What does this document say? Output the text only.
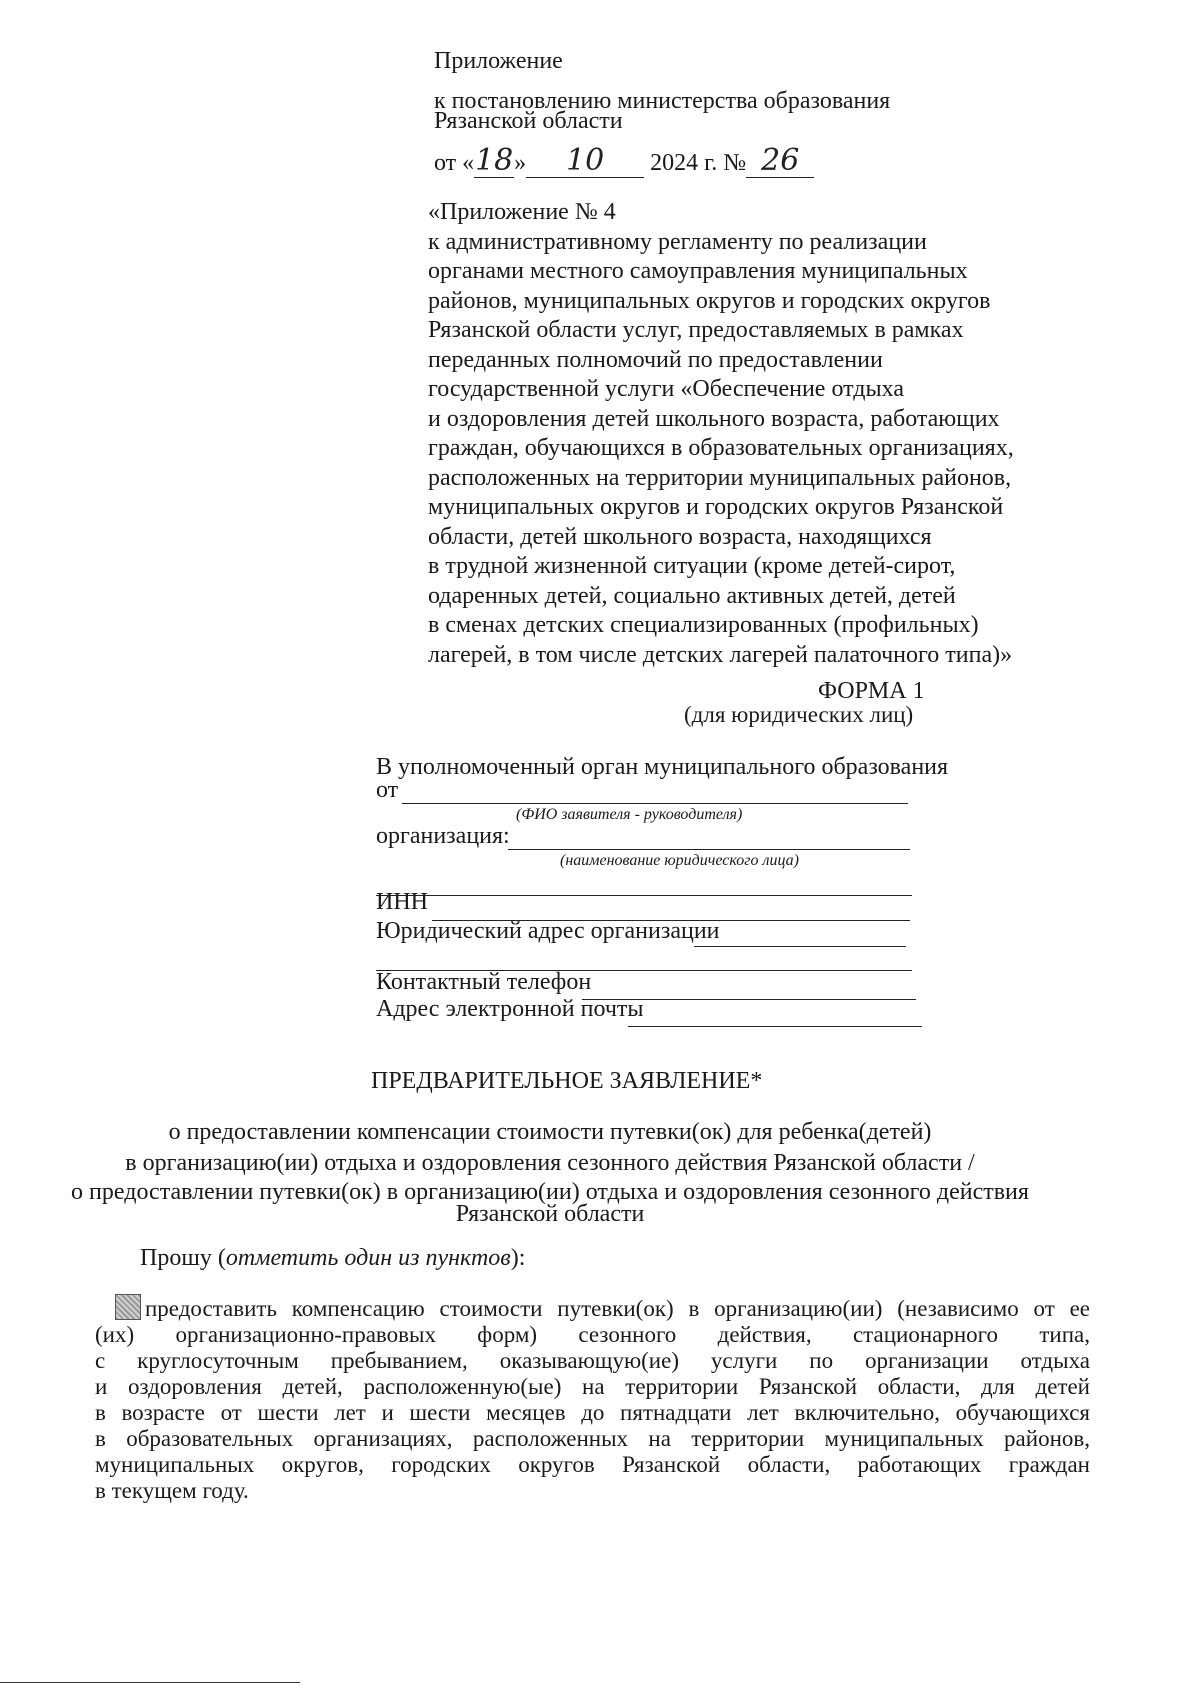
Приложение
к постановлению министерства образования
Рязанской области
от «18» 10 2024 г. № 26
«Приложение № 4
к административному регламенту по реализации
органами местного самоуправления муниципальных
районов, муниципальных округов и городских округов
Рязанской области услуг, предоставляемых в рамках
переданных полномочий по предоставлении
государственной услуги «Обеспечение отдыха
и оздоровления детей школьного возраста, работающих
граждан, обучающихся в образовательных организациях,
расположенных на территории муниципальных районов,
муниципальных округов и городских округов Рязанской
области, детей школьного возраста, находящихся
в трудной жизненной ситуации (кроме детей-сирот,
одаренных детей, социально активных детей, детей
в сменах детских специализированных (профильных)
лагерей, в том числе детских лагерей палаточного типа)»
ФОРМА 1
(для юридических лиц)
В уполномоченный орган муниципального образования
от
(ФИО заявителя - руководителя)
организация:
(наименование юридического лица)
ИНН
Юридический адрес организации
Контактный телефон
Адрес электронной почты
ПРЕДВАРИТЕЛЬНОЕ ЗАЯВЛЕНИЕ*
о предоставлении компенсации стоимости путевки(ок) для ребенка(детей)
в организацию(ии) отдыха и оздоровления сезонного действия Рязанской области /
о предоставлении путевки(ок) в организацию(ии) отдыха и оздоровления сезонного действия
Рязанской области
Прошу (отметить один из пунктов):
предоставить компенсацию стоимости путевки(ок) в организацию(ии) (независимо от ее
(их) организационно-правовых форм) сезонного действия, стационарного типа,
с круглосуточным пребыванием, оказывающую(ие) услуги по организации отдыха
и оздоровления детей, расположенную(ые) на территории Рязанской области, для детей
в возрасте от шести лет и шести месяцев до пятнадцати лет включительно, обучающихся
в образовательных организациях, расположенных на территории муниципальных районов,
муниципальных округов, городских округов Рязанской области, работающих граждан
в текущем году.
